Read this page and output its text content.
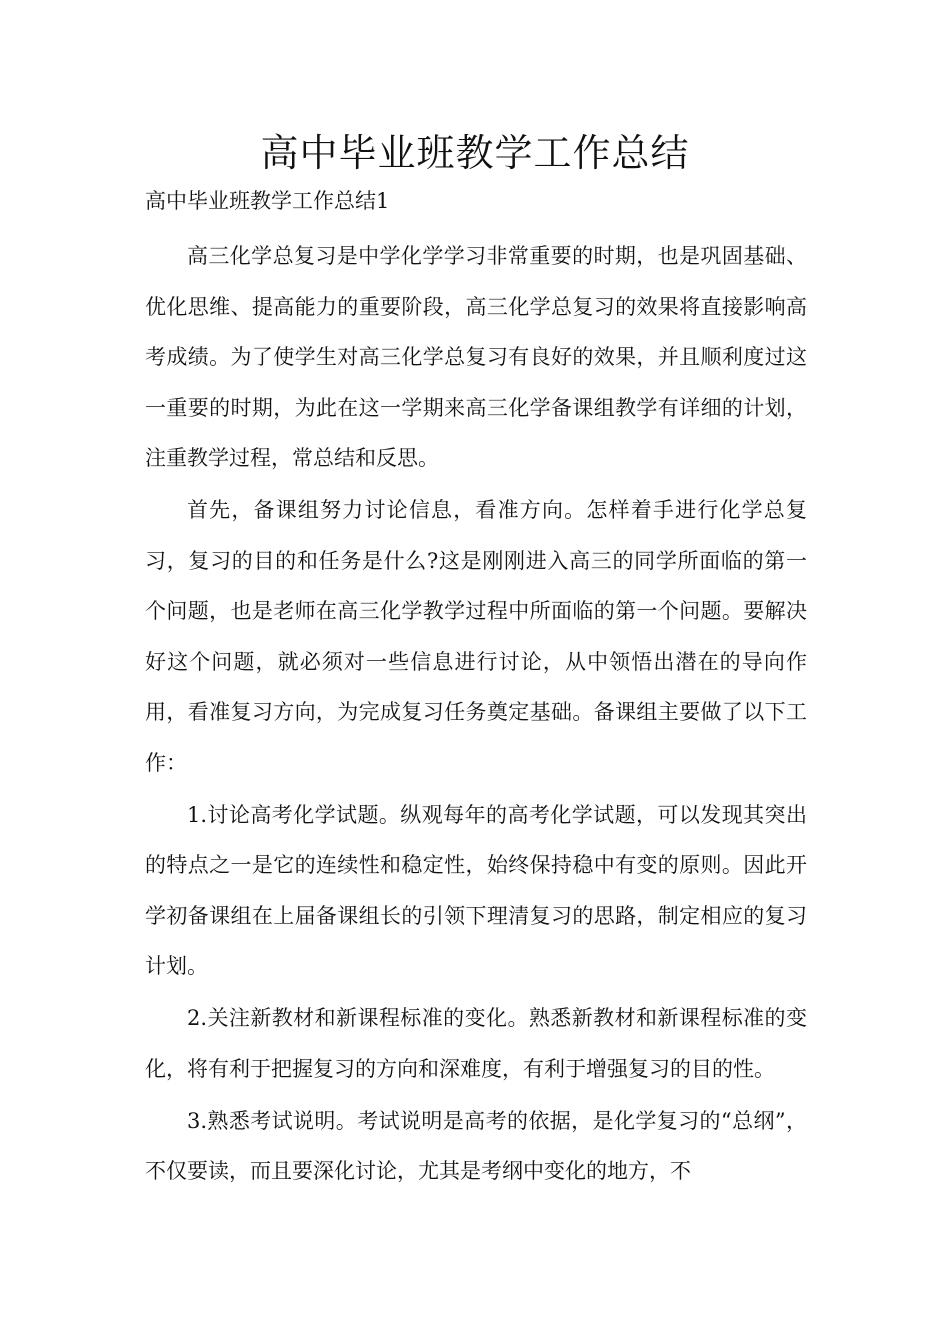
高中毕业班教学工作总结
高中毕业班教学工作总结1

高三化学总复习是中学化学学习非常重要的时期，也是巩固基础、优化思维、提高能力的重要阶段，高三化学总复习的效果将直接影响高考成绩。为了使学生对高三化学总复习有良好的效果，并且顺利度过这一重要的时期，为此在这一学期来高三化学备课组教学有详细的计划，注重教学过程，常总结和反思。

首先，备课组努力讨论信息，看准方向。怎样着手进行化学总复习，复习的目的和任务是什么?这是刚刚进入高三的同学所面临的第一个问题，也是老师在高三化学教学过程中所面临的第一个问题。要解决好这个问题，就必须对一些信息进行讨论，从中领悟出潜在的导向作用，看准复习方向，为完成复习任务奠定基础。备课组主要做了以下工作：

1.讨论高考化学试题。纵观每年的高考化学试题，可以发现其突出的特点之一是它的连续性和稳定性，始终保持稳中有变的原则。因此开学初备课组在上届备课组长的引领下理清复习的思路，制定相应的复习计划。

2.关注新教材和新课程标准的变化。熟悉新教材和新课程标准的变化，将有利于把握复习的方向和深难度，有利于增强复习的目的性。

3.熟悉考试说明。考试说明是高考的依据，是化学复习的“总纲”，不仅要读，而且要深化讨论，尤其是考纲中变化的地方，不
